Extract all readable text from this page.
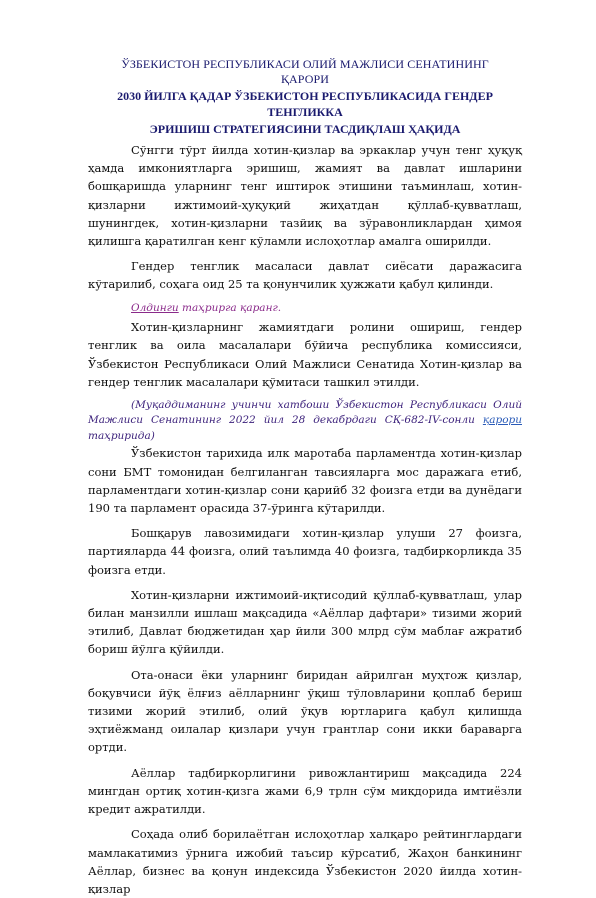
ЎЗБЕКИСТОН РЕСПУБЛИКАСИ ОЛИЙ МАЖЛИСИ СЕНАТИНИНГ
ҚАРОРИ
2030 ЙИЛГА ҚАДАР ЎЗБЕКИСТОН РЕСПУБЛИКАСИДА ГЕНДЕР ТЕНГЛИККА
ЭРИШИШ СТРАТЕГИЯСИНИ ТАСДИҚЛАШ ҲАҚИДА

Сўнгги тўрт йилда хотин-қизлар ва эркаклар учун тенг ҳуқуқ ҳамда имкониятларга эришиш, жамият ва давлат ишларини бошқаришда уларнинг тенг иштирок этишини таъминлаш, хотин-қизларни ижтимоий-ҳуқуқий жиҳатдан қўллаб-қувватлаш, шунингдек, хотин-қизларни тазйиқ ва зўравонликлардан ҳимоя қилишга қаратилган кенг кўламли ислоҳотлар амалга оширилди.

Гендер тенглик масаласи давлат сиёсати даражасига кўтарилиб, соҳага оид 25 та қонунчилик ҳужжати қабул қилинди.

Олдинги таҳрирга қаранг.

Хотин-қизларнинг жамиятдаги ролини ошириш, гендер тенглик ва оила масалалари бўйича республика комиссияси, Ўзбекистон Республикаси Олий Мажлиси Сенатида Хотин-қизлар ва гендер тенглик масалалари қўмитаси ташкил этилди.

(Муқаддиманинг учинчи хатбоши Ўзбекистон Республикаси Олий Мажлиси Сенатининг 2022 йил 28 декабрдаги СҚ-682-IV-сонли қарори таҳририда)

Ўзбекистон тарихида илк маротаба парламентда хотин-қизлар сони БМТ томонидан белгиланган тавсияларга мос даражага етиб, парламентдаги хотин-қизлар сони қарийб 32 фоизга етди ва дунёдаги 190 та парламент орасида 37-ўринга кўтарилди.

Бошқарув лавозимидаги хотин-қизлар улуши 27 фоизга, партияларда 44 фоизга, олий таълимда 40 фоизга, тадбиркорликда 35 фоизга етди.

Хотин-қизларни ижтимоий-иқтисодий қўллаб-қувватлаш, улар билан манзилли ишлаш мақсадида «Аёллар дафтари» тизими жорий этилиб, Давлат бюджетидан ҳар йили 300 млрд сўм маблағ ажратиб бориш йўлга қўйилди.

Ота-онаси ёки уларнинг биридан айрилган муҳтож қизлар, боқувчиси йўқ ёлғиз аёлларнинг ўқиш тўловларини қоплаб бериш тизими жорий этилиб, олий ўқув юртларига қабул қилишда эҳтиёжманд оилалар қизлари учун грантлар сони икки бараварга ортди.

Аёллар тадбиркорлигини ривожлантириш мақсадида 224 мингдан ортиқ хотин-қизга жами 6,9 трлн сўм миқдорида имтиёзли кредит ажратилди.

Соҳада олиб борилаётган ислоҳотлар халқаро рейтинглардаги мамлакатимиз ўрнига ижобий таъсир кўрсатиб, Жаҳон банкининг Аёллар, бизнес ва қонун индексида Ўзбекистон 2020 йилда хотин-қизлар
